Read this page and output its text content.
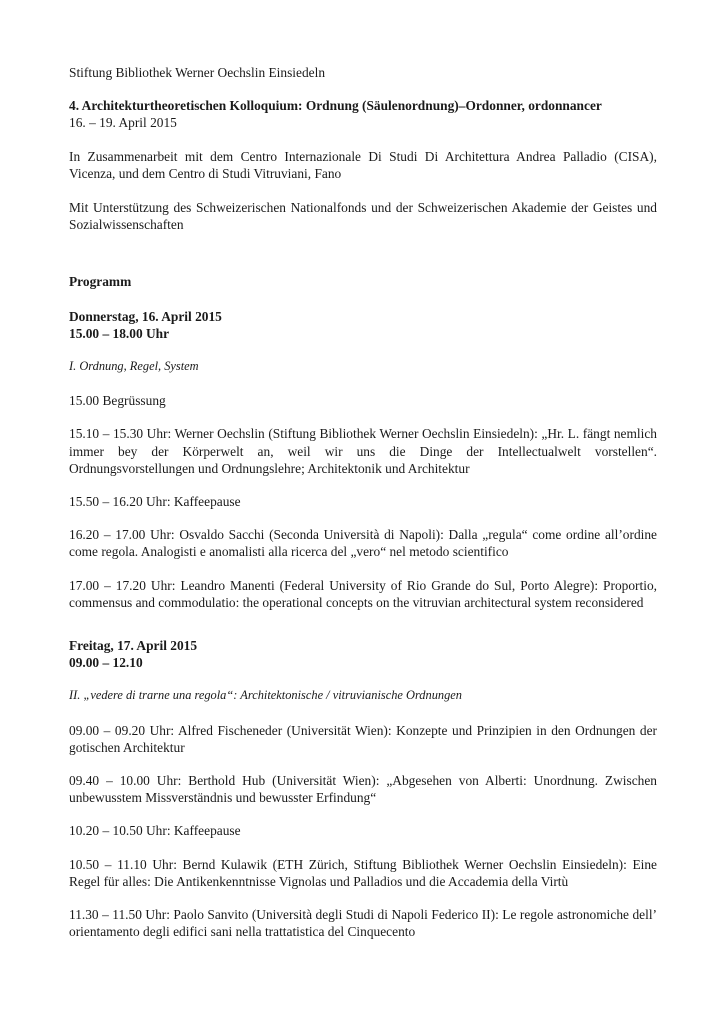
Stiftung Bibliothek Werner Oechslin Einsiedeln

4. Architekturtheoretischen Kolloquium: Ordnung (Säulenordnung)–Ordonner, ordonnancer
16. – 19. April 2015

In Zusammenarbeit mit dem Centro Internazionale Di Studi Di Architettura Andrea Palladio (CISA), Vicenza, und dem Centro di Studi Vitruviani, Fano

Mit Unterstützung des Schweizerischen Nationalfonds und der Schweizerischen Akademie der Geistes und Sozialwissenschaften

Programm

Donnerstag, 16. April 2015
15.00 – 18.00 Uhr

I. Ordnung, Regel, System

15.00 Begrüssung

15.10 – 15.30 Uhr: Werner Oechslin (Stiftung Bibliothek Werner Oechslin Einsiedeln): „Hr. L. fängt nemlich immer bey der Körperwelt an, weil wir uns die Dinge der Intellectualwelt vorstellen“. Ordnungsvorstellungen und Ordnungslehre; Architektonik und Architektur

15.50 – 16.20 Uhr: Kaffeepause

16.20 – 17.00 Uhr: Osvaldo Sacchi (Seconda Università di Napoli): Dalla „regula“ come ordine all’ordine come regola. Analogisti e anomalisti alla ricerca del „vero“ nel metodo scientifico

17.00 – 17.20 Uhr: Leandro Manenti (Federal University of Rio Grande do Sul, Porto Alegre): Proportio, commensus and commodulatio: the operational concepts on the vitruvian architectural system reconsidered

Freitag, 17. April 2015
09.00 – 12.10

II. „vedere di trarne una regola“: Architektonische / vitruvianische Ordnungen

09.00 – 09.20 Uhr: Alfred Fischeneder (Universität Wien): Konzepte und Prinzipien in den Ordnungen der gotischen Architektur

09.40 – 10.00 Uhr: Berthold Hub (Universität Wien): „Abgesehen von Alberti: Unordnung. Zwischen unbewusstem Missverständnis und bewusster Erfindung“

10.20 – 10.50 Uhr: Kaffeepause

10.50 – 11.10 Uhr: Bernd Kulawik (ETH Zürich, Stiftung Bibliothek Werner Oechslin Einsiedeln): Eine Regel für alles: Die Antikenkenntnisse Vignolas und Palladios und die Accademia della Virtù

11.30 – 11.50 Uhr: Paolo Sanvito (Università degli Studi di Napoli Federico II): Le regole astronomiche dell’ orientamento degli edifici sani nella trattatistica del Cinquecento
